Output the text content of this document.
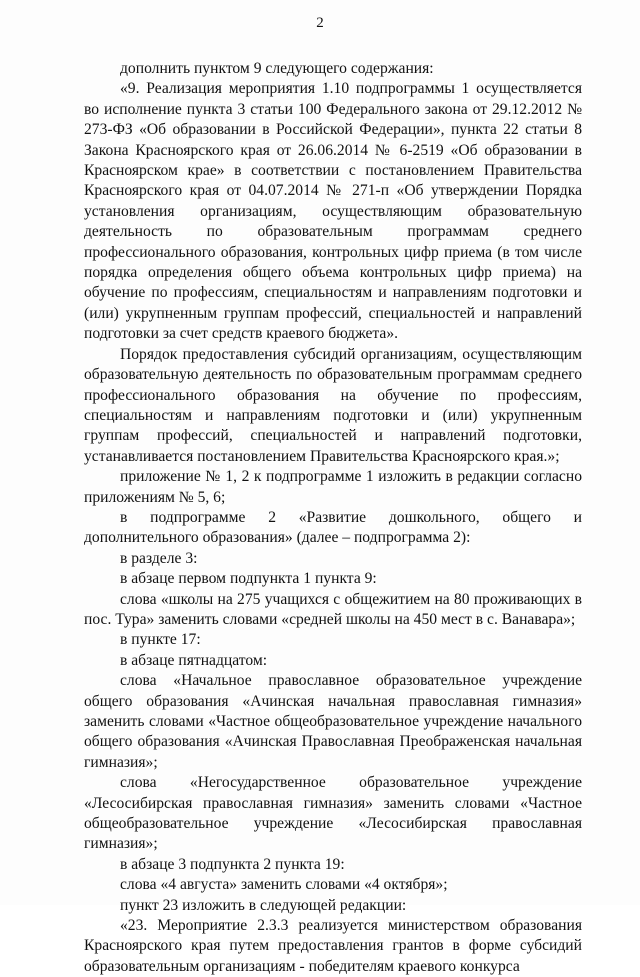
2

дополнить пунктом 9 следующего содержания:

«9. Реализация мероприятия 1.10 подпрограммы 1 осуществляется во исполнение пункта 3 статьи 100 Федерального закона от 29.12.2012 № 273-ФЗ «Об образовании в Российской Федерации», пункта 22 статьи 8 Закона Красноярского края от 26.06.2014 № 6-2519 «Об образовании в Красноярском крае» в соответствии с постановлением Правительства Красноярского края от 04.07.2014 № 271-п «Об утверждении Порядка установления организациям, осуществляющим образовательную деятельность по образовательным программам среднего профессионального образования, контрольных цифр приема (в том числе порядка определения общего объема контрольных цифр приема) на обучение по профессиям, специальностям и направлениям подготовки и (или) укрупненным группам профессий, специальностей и направлений подготовки за счет средств краевого бюджета».

Порядок предоставления субсидий организациям, осуществляющим образовательную деятельность по образовательным программам среднего профессионального образования на обучение по профессиям, специальностям и направлениям подготовки и (или) укрупненным группам профессий, специальностей и направлений подготовки, устанавливается постановлением Правительства Красноярского края.»;

приложение № 1, 2 к подпрограмме 1 изложить в редакции согласно приложениям № 5, 6;

в подпрограмме 2 «Развитие дошкольного, общего и дополнительного образования» (далее – подпрограмма 2):

в разделе 3:

в абзаце первом подпункта 1 пункта 9:

слова «школы на 275 учащихся с общежитием на 80 проживающих в пос. Тура» заменить словами «средней школы на 450 мест в с. Ванавара»;

в пункте 17:

в абзаце пятнадцатом:

слова «Начальное православное образовательное учреждение общего образования «Ачинская начальная православная гимназия» заменить словами «Частное общеобразовательное учреждение начального общего образования «Ачинская Православная Преображенская начальная гимназия»;

слова «Негосударственное образовательное учреждение «Лесосибирская православная гимназия» заменить словами «Частное общеобразовательное учреждение «Лесосибирская православная гимназия»;

в абзаце 3 подпункта 2 пункта 19:

слова «4 августа» заменить словами «4 октября»;

пункт 23 изложить в следующей редакции:

«23. Мероприятие 2.3.3 реализуется министерством образования Красноярского края путем предоставления грантов в форме субсидий образовательным организациям - победителям краевого конкурса
